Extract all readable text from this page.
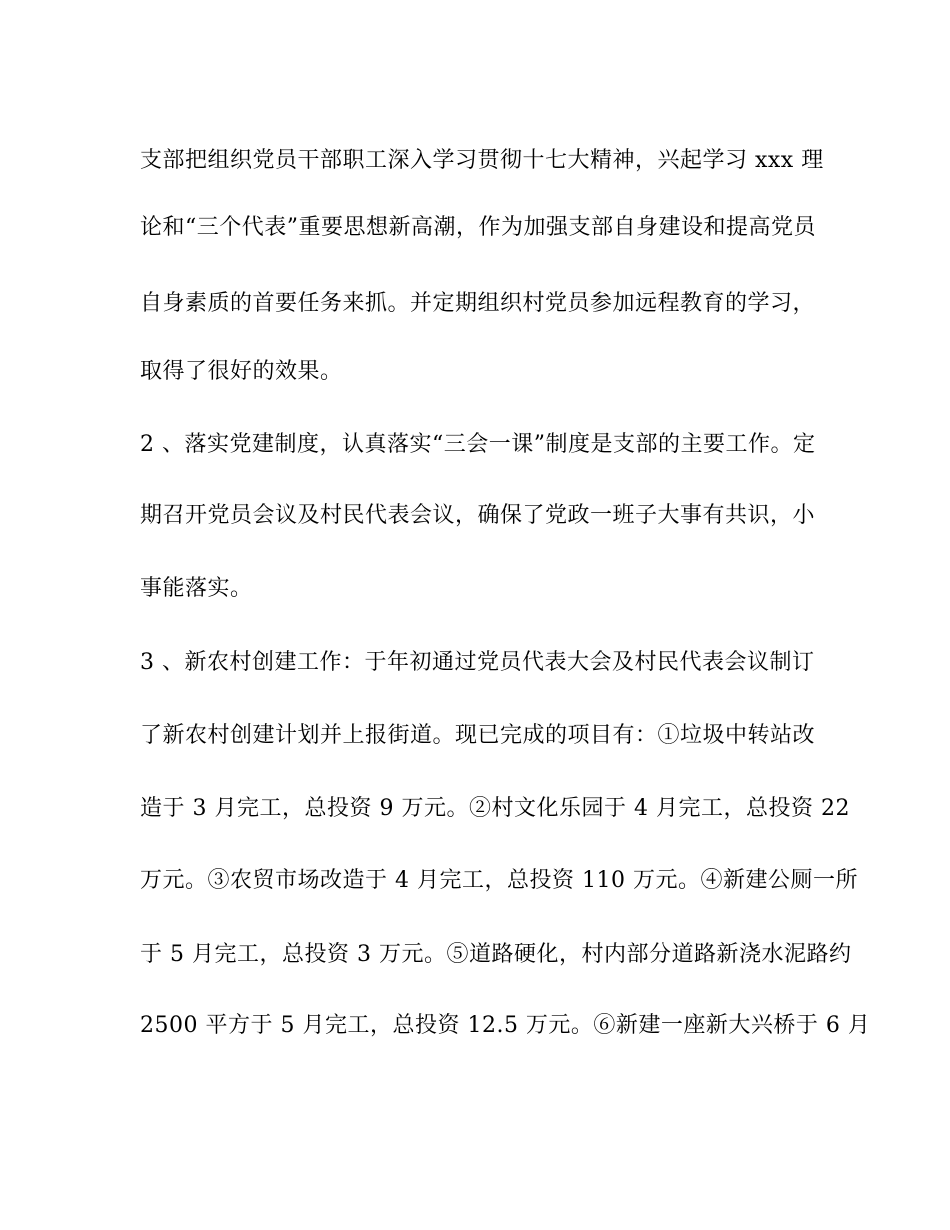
支部把组织党员干部职工深入学习贯彻十七大精神，兴起学习 xxx 理
论和“三个代表”重要思想新高潮，作为加强支部自身建设和提高党员
自身素质的首要任务来抓。并定期组织村党员参加远程教育的学习，
取得了很好的效果。
2 、落实党建制度，认真落实“三会一课”制度是支部的主要工作。定
期召开党员会议及村民代表会议，确保了党政一班子大事有共识，小
事能落实。
3 、新农村创建工作：于年初通过党员代表大会及村民代表会议制订
了新农村创建计划并上报街道。现已完成的项目有：①垃圾中转站改
造于 3 月完工，总投资 9 万元。②村文化乐园于 4 月完工，总投资 22
万元。③农贸市场改造于 4 月完工，总投资 110 万元。④新建公厕一所
于 5 月完工，总投资 3 万元。⑤道路硬化，村内部分道路新浇水泥路约
2500 平方于 5 月完工，总投资 12.5 万元。⑥新建一座新大兴桥于 6 月
